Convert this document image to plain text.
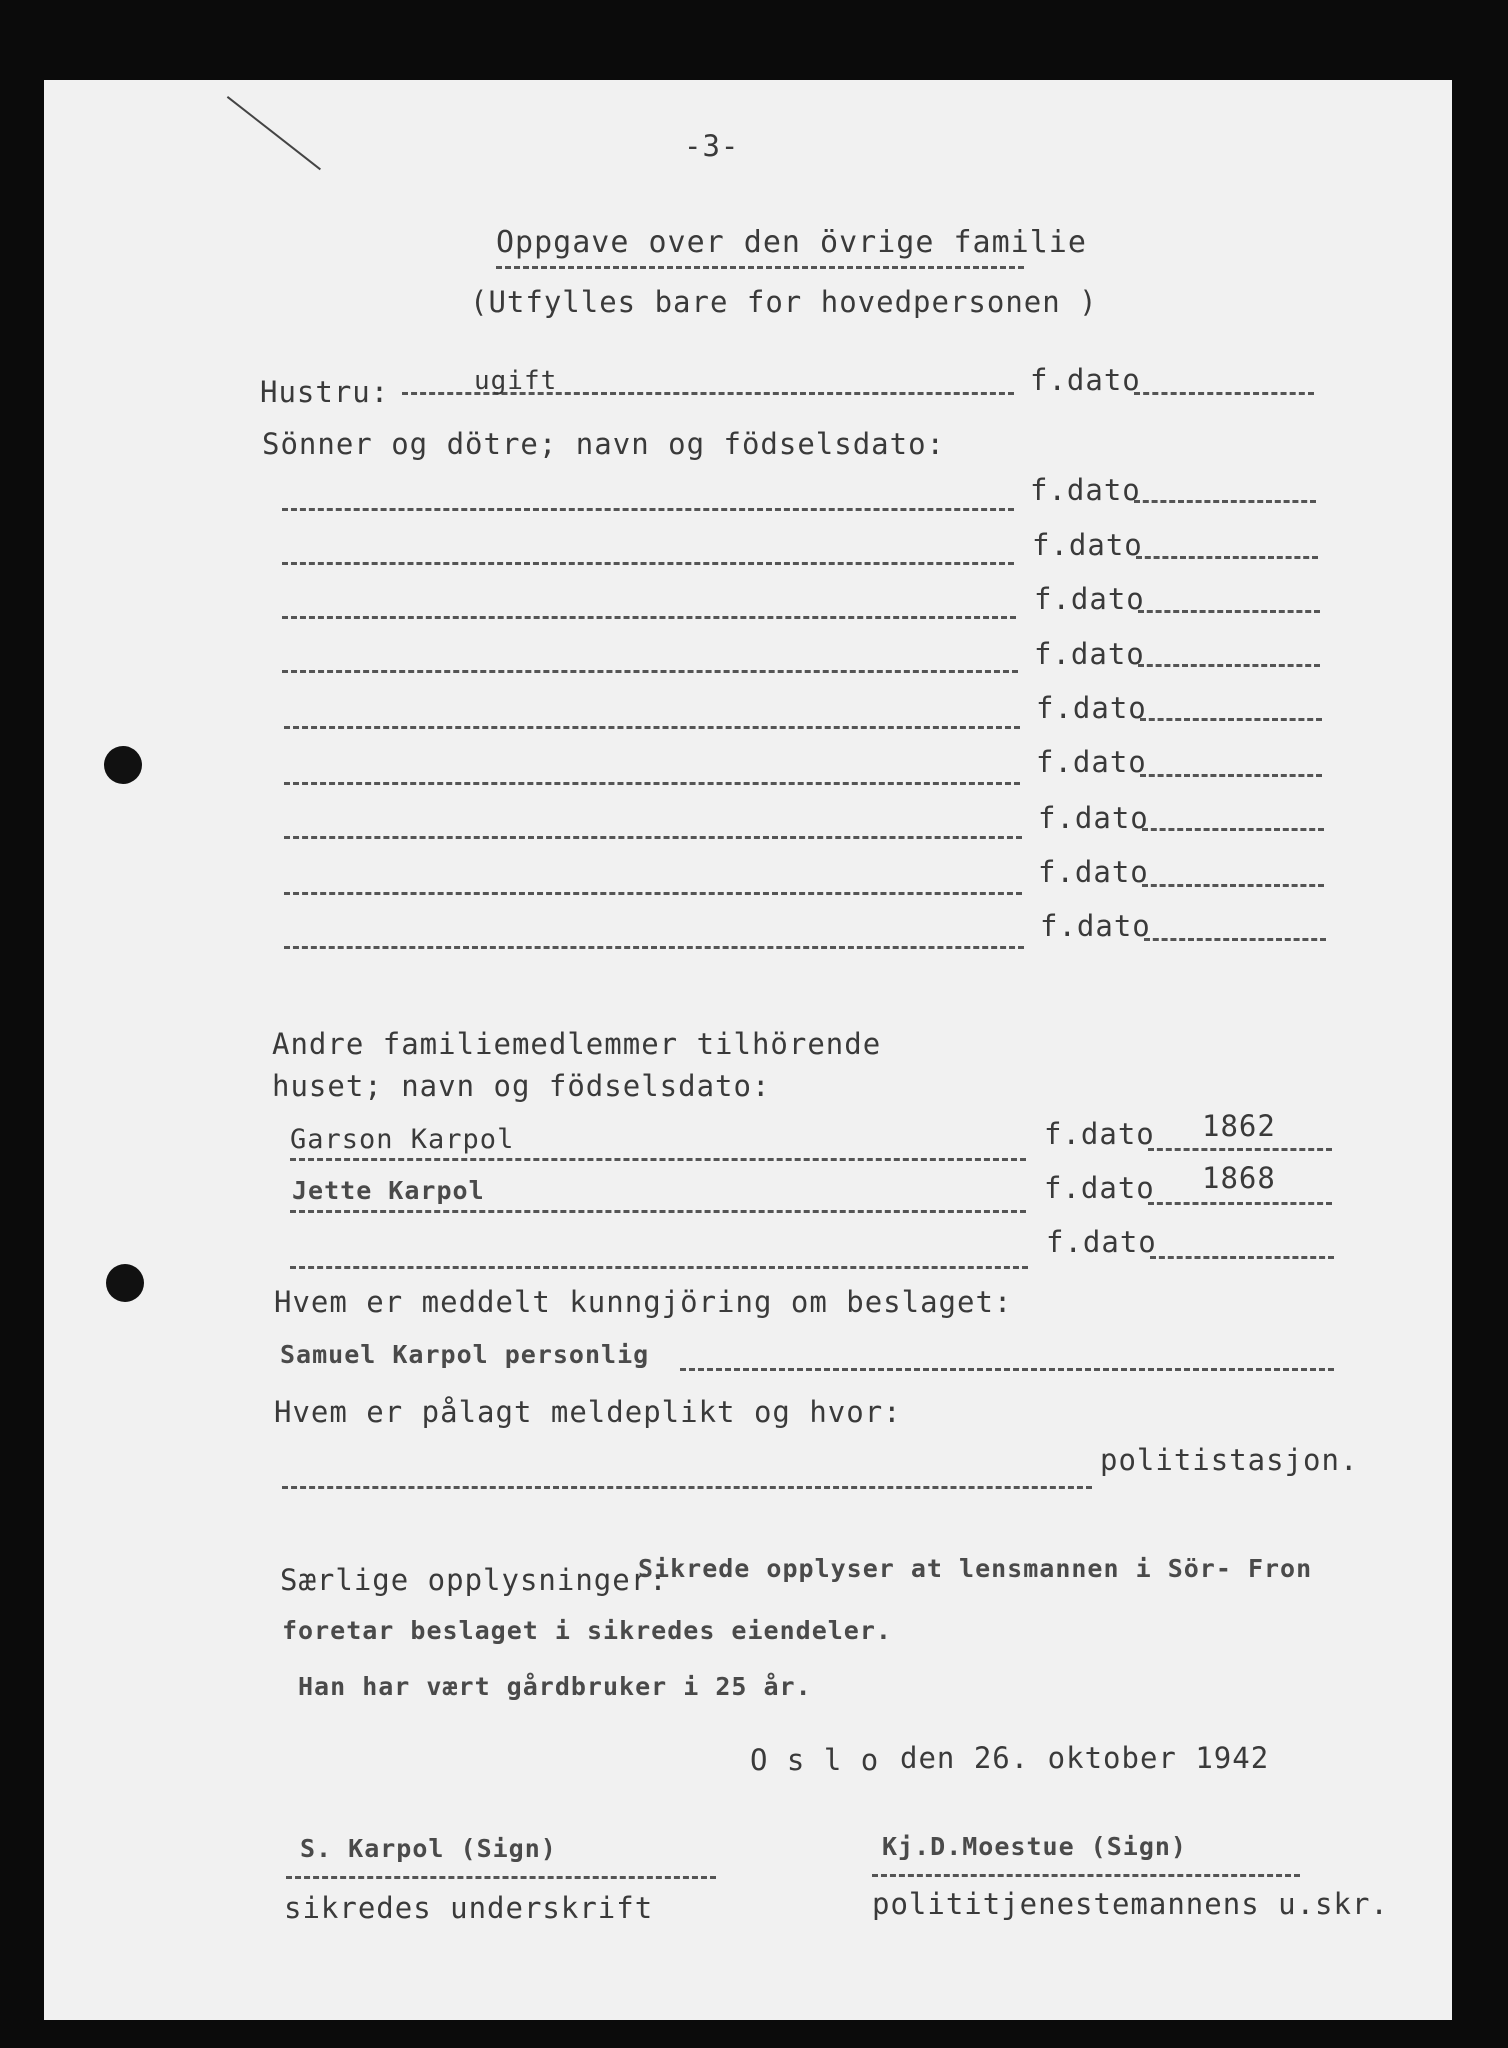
-3-
Oppgave over den övrige familie
(Utfylles bare for hovedpersonen )
Hustru:	ugift	f.dato
Sönner og dötre; navn og födselsdato:
f.dato
f.dato
f.dato
f.dato
f.dato
f.dato
f.dato
f.dato
f.dato
Andre familiemedlemmer tilhörende
huset; navn og födselsdato:
Garson Karpol	f.dato 1862
Jette Karpol	f.dato 1868
f.dato
Hvem er meddelt kunngjöring om beslaget:
Samuel Karpol personlig
Hvem er pålagt meldeplikt og hvor:
politistasjon.
Særlige opplysninger:
Sikrede opplyser at lensmannen i Sör- Fron
foretar beslaget i sikredes eiendeler.
Han har vært gårdbruker i 25 år.
O s l o den 26. oktober 1942
S. Karpol (Sign)
sikredes underskrift
Kj.D.Moestue (Sign)
polititjenestemannens u.skr.
